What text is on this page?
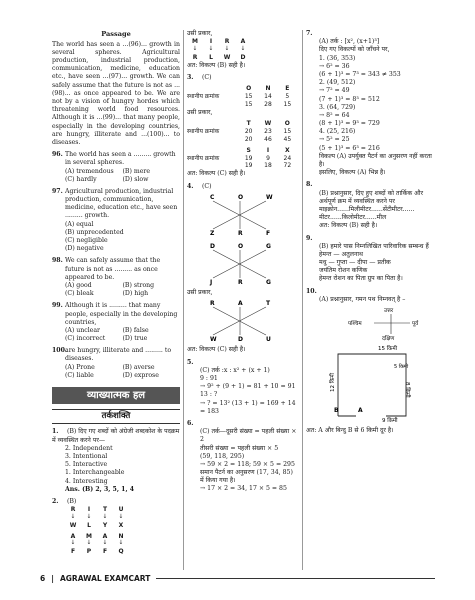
Passage
The world has seen a ...(96)... growth in several spheres. Agricultural production, industrial production, communication, medicine, education etc., have seen ...(97)... growth. We can safely assume that the future is not as ...(98)... as once appeared to be. We are not by a vision of hungry hordes which threatening world food resources. Although it is ...(99)... that many people, especially in the developing countries, are hungry, illiterate and ...(100)... to diseases.
96. The world has seen a ......... growth in several spheres.
(A) tremendous	(B) mere
(C) hardly	(D) slow
97. Agricultural production, industrial production, communication, medicine, education etc., have seen ......... growth.
(A) equal
(B) unprecedented
(C) negligible
(D) negative
98. We can safely assume that the future is not as ......... as once appeared to be.
(A) good	(B) strong
(C) bleak	(D) high
99. Although it is ......... that many people, especially in the developing countries,
(A) unclear	(B) false
(C) incorrect	(D) true
100.
are hungry, illiterate and ......... to diseases.
(A) Prone	(B) averse
(C) liable	(D) exprose
व्याख्यात्मक हल
तर्कशक्ति
1. (B) दिए गए शब्दों को अंग्रेजी शब्दकोश के पदक्रम में व्यवस्थित करने पर—
2. Independent
3. Intentional
5. Interactive
1. Interchangeable
4. Interesting
Ans. (B) 2, 3, 5, 1, 4
2. (B)
R	I	T	U
↓	↓	↓	↓
W	L	Y	X
A	M	A	N
↓	↓	↓	↓
F	P	F	Q
उसी प्रकार,
M	I	R	A
↓	↓	↓	↓
R	L	W	D
अत: विकल्प (B) सही है।
3. (C)
O	N	E
स्थानीय क्रमांक	15	14	5
15	28	15
उसी प्रकार,
T	W	O
स्थानीय क्रमांक	20	23	15
20	46	45
S	I	X
स्थानीय क्रमांक	19	9	24
19	18	72
अत: विकल्प (C) सही है।
4. (C)
C	O	W
Z	R	F

D	O	G
J	R	G
उसी प्रकार,
R	A	T
W	D	U
अत: विकल्प (C) सही है।
5.
(C) तर्क :x : x² + (x + 1)
9 : 91
→ 9² + (9 + 1) = 81 + 10 = 91
13 : ?
→ ? = 13² (13 + 1) = 169 + 14
= 183
6.
(C) तर्क—दूसरी संख्या = पहली संख्या × 2
तीसरी संख्या = पहली संख्या × 5
(59, 118, 295)
→ 59 × 2 = 118; 59 × 5 = 295
समान पैटर्न का अनुसरण (17, 34, 85)
में किया गया है।
→ 17 × 2 = 34, 17 × 5 = 85
7.
(A) तर्क : [x², (x+1)³]
दिए गए विकल्पों को जाँचने पर,
1. (36, 353)
→ 6² = 36
(6 + 1)³ = 7³ = 343 ≠ 353
2. (49, 512)
→ 7² = 49
(7 + 1)³ = 8³ = 512
3. (64, 729)
→ 8² = 64
(8 + 1)³ = 9³ = 729
4. (25, 216)
→ 5² = 25
(5 + 1)³ = 6³ = 216
विकल्प (A) उपर्युक्त पैटर्न का अनुसरण नहीं करता है।
इसलिए, विकल्प (A) भिन्न है।
8.
(B) प्रश्नानुसार, दिए हुए शब्दों को तार्किक और अर्थपूर्ण क्रम में व्यवस्थित करने पर
माइक्रोन......मिलीमीटर......सेंटीमीटर......
मीटर......किलोमीटर......मील
अत: विकल्प (B) सही है।
9.
(B) हमारे पास निम्नलिखित पारिवारिक सम्बन्ध हैं
हेमन्त — अतुलनाथ
मधु — गुप्ता — दीपा — प्रतीक
जयंतिम रोशन कणिक
हेमन्त रोशन का पिता ग्रुप का पिता है।
10.
(A) प्रश्नानुसार, गमन पथ निम्नवत् है –
उत्तर
पश्चिम	पूर्व
दक्षिण
15 किमी
12 किमी	8 किमी
9 किमी
5 किमी
B	A
अत: A और बिन्दु B से 6 किमी दूर है।
6 | AGRAWAL EXAMCART
